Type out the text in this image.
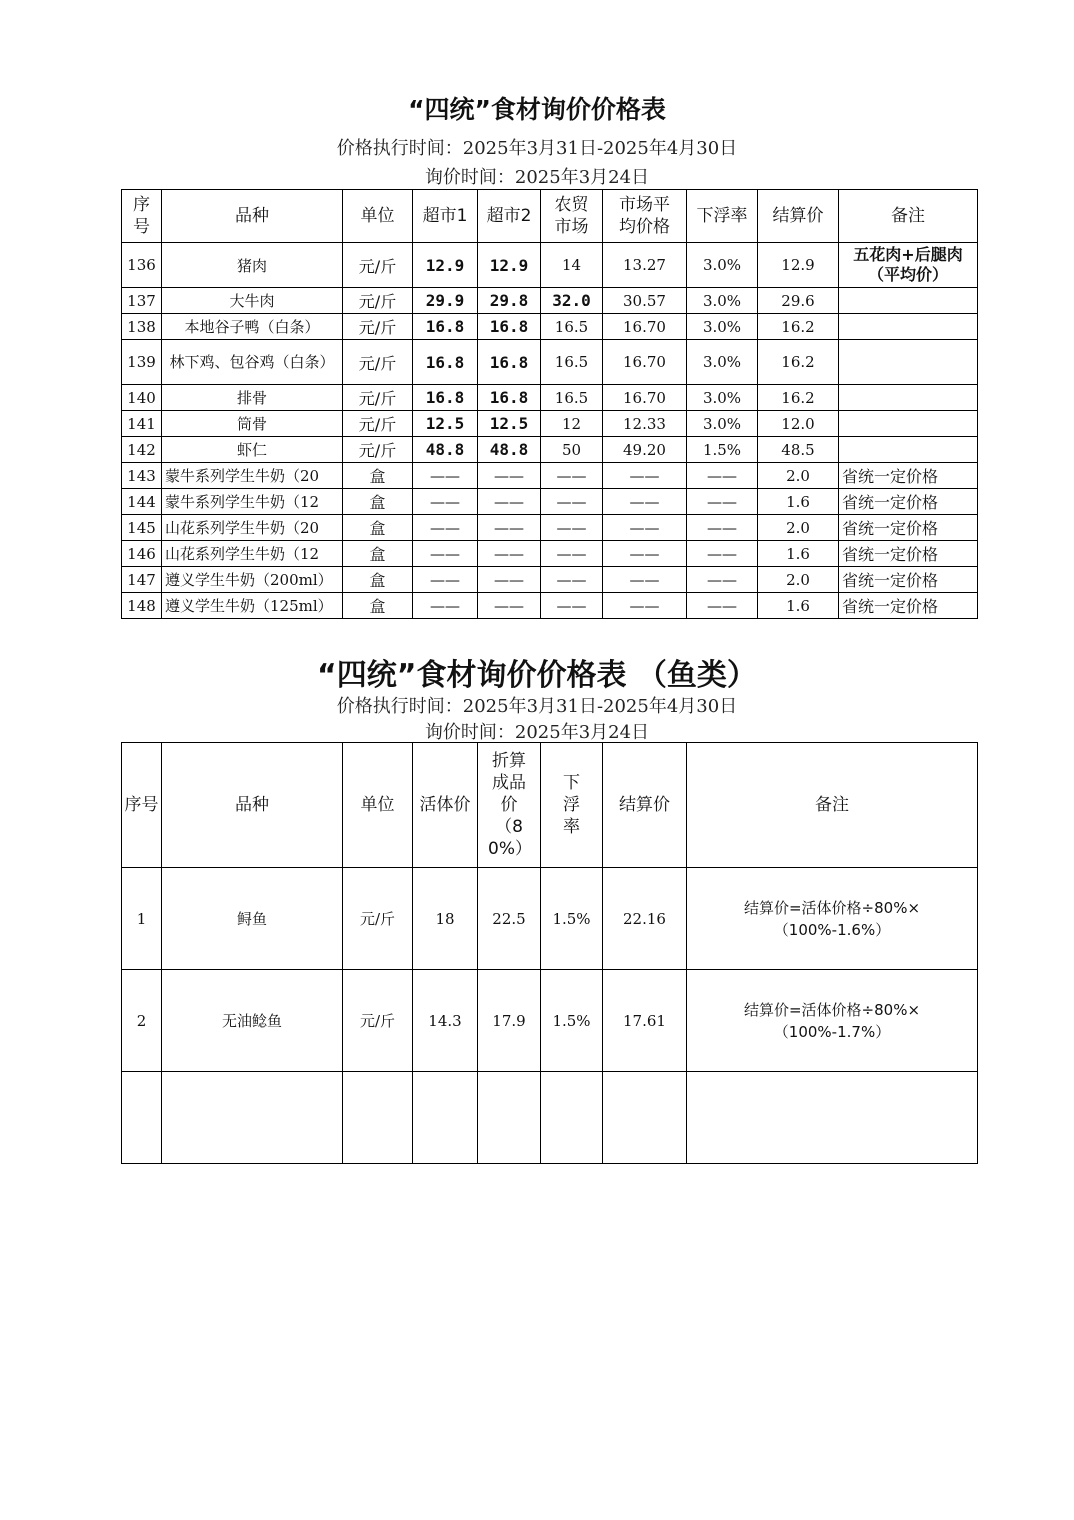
“四统”食材询价价格表
价格执行时间：2025年3月31日-2025年4月30日
询价时间：2025年3月24日
序号	品种	单位	超市1	超市2	农贸市场	市场平均价格	下浮率	结算价	备注
136	猪肉	元/斤	12.9	12.9	14	13.27	3.0%	12.9	五花肉+后腿肉（平均价）
137	大牛肉	元/斤	29.9	29.8	32.0	30.57	3.0%	29.6	
138	本地谷子鸭（白条）	元/斤	16.8	16.8	16.5	16.70	3.0%	16.2	
139	林下鸡、包谷鸡（白条）	元/斤	16.8	16.8	16.5	16.70	3.0%	16.2	
140	排骨	元/斤	16.8	16.8	16.5	16.70	3.0%	16.2	
141	筒骨	元/斤	12.5	12.5	12	12.33	3.0%	12.0	
142	虾仁	元/斤	48.8	48.8	50	49.20	1.5%	48.5	
143	蒙牛系列学生牛奶（20	盒	——	——	——	——	——	2.0	省统一定价格
144	蒙牛系列学生牛奶（12	盒	——	——	——	——	——	1.6	省统一定价格
145	山花系列学生牛奶（20	盒	——	——	——	——	——	2.0	省统一定价格
146	山花系列学生牛奶（12	盒	——	——	——	——	——	1.6	省统一定价格
147	遵义学生牛奶（200ml）	盒	——	——	——	——	——	2.0	省统一定价格
148	遵义学生牛奶（125ml）	盒	——	——	——	——	——	1.6	省统一定价格
“四统”食材询价价格表 （鱼类）
价格执行时间：2025年3月31日-2025年4月30日
询价时间：2025年3月24日
序号	品种	单位	活体价	折算成品价（80%）	下浮率	结算价	备注
1	鲟鱼	元/斤	18	22.5	1.5%	22.16	结算价=活体价格÷80%×（100%-1.6%）
2	无油鲶鱼	元/斤	14.3	17.9	1.5%	17.61	结算价=活体价格÷80%×（100%-1.7%）
